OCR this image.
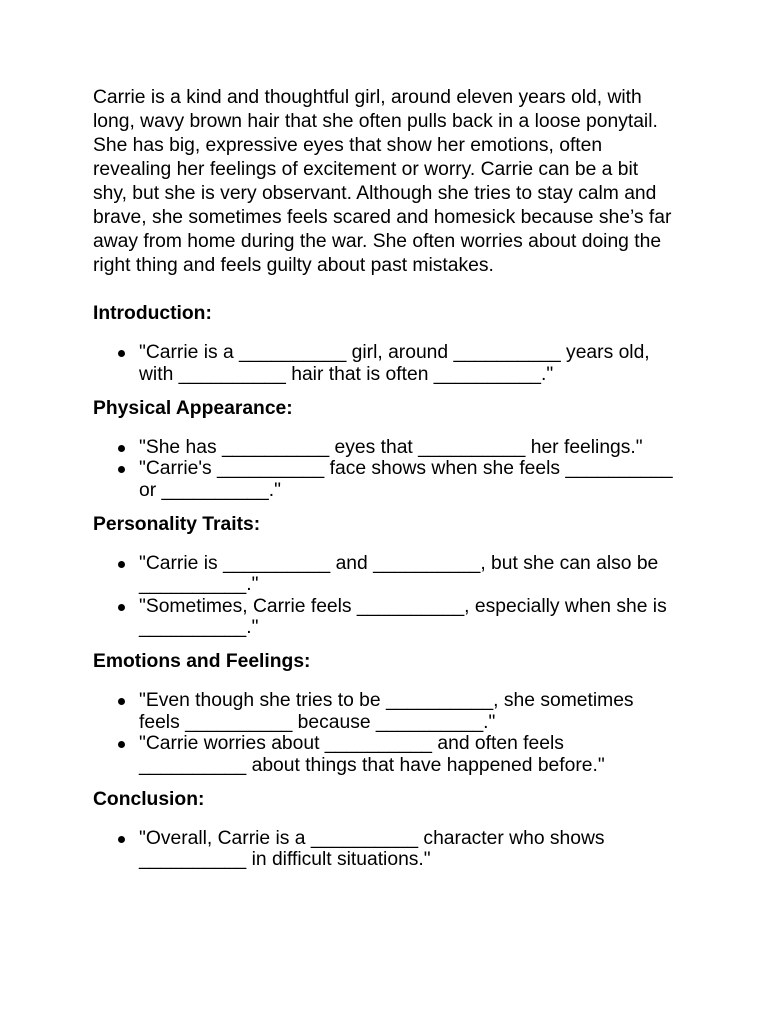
Carrie is a kind and thoughtful girl, around eleven years old, with
long, wavy brown hair that she often pulls back in a loose ponytail.
She has big, expressive eyes that show her emotions, often
revealing her feelings of excitement or worry. Carrie can be a bit
shy, but she is very observant. Although she tries to stay calm and
brave, she sometimes feels scared and homesick because she’s far
away from home during the war. She often worries about doing the
right thing and feels guilty about past mistakes.
Introduction:
"Carrie is a __________ girl, around __________ years old,
with __________ hair that is often __________."
Physical Appearance:
"She has __________ eyes that __________ her feelings."
"Carrie's __________ face shows when she feels __________
or __________."
Personality Traits:
"Carrie is __________ and __________, but she can also be
__________."
"Sometimes, Carrie feels __________, especially when she is
__________."
Emotions and Feelings:
"Even though she tries to be __________, she sometimes
feels __________ because __________."
"Carrie worries about __________ and often feels
__________ about things that have happened before."
Conclusion:
"Overall, Carrie is a __________ character who shows
__________ in difficult situations."
